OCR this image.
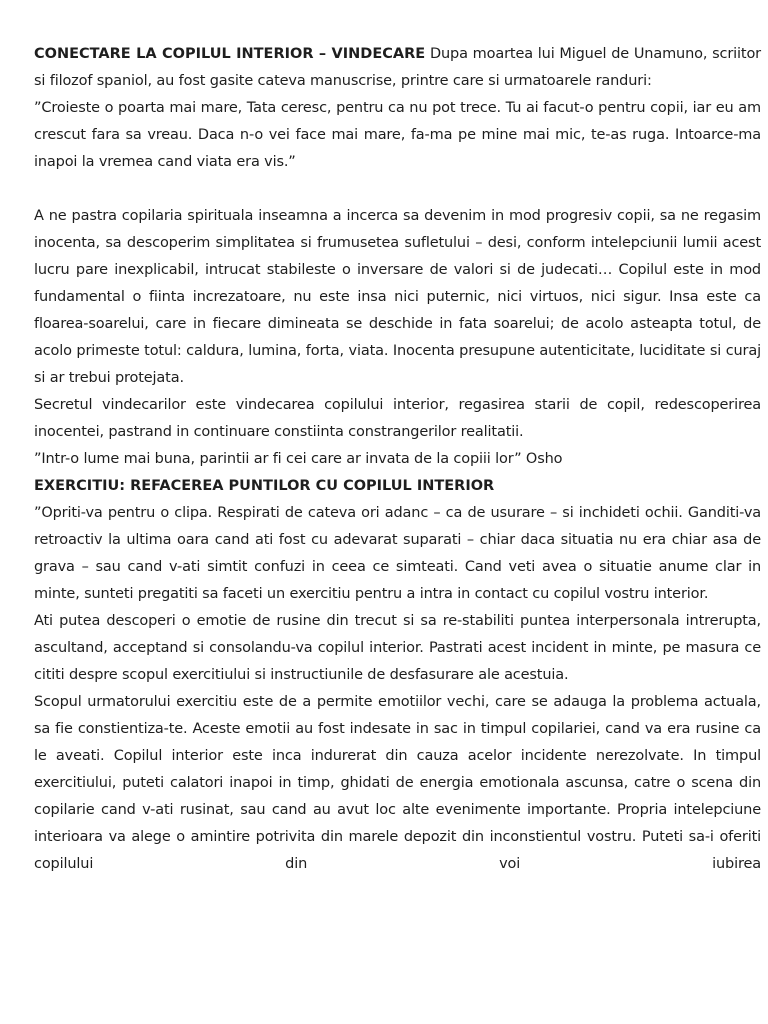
CONECTARE LA COPILUL INTERIOR – VINDECARE Dupa moartea lui Miguel de Unamuno, scriitor si filozof spaniol, au fost gasite cateva manuscrise, printre care si urmatoarele randuri:

”Croieste o poarta mai mare, Tata ceresc, pentru ca nu pot trece. Tu ai facut-o pentru copii, iar eu am crescut fara sa vreau. Daca n-o vei face mai mare, fa-ma pe mine mai mic, te-as ruga. Intoarce-ma inapoi la vremea cand viata era vis.”

A ne pastra copilaria spirituala inseamna a incerca sa devenim in mod progresiv copii, sa ne regasim inocenta, sa descoperim simplitatea si frumusetea sufletului – desi, conform intelepciunii lumii acest lucru pare inexplicabil, intrucat stabileste o inversare de valori si de judecati… Copilul este in mod fundamental o fiinta increzatoare, nu este insa nici puternic, nici virtuos, nici sigur. Insa este ca floarea-soarelui, care in fiecare dimineata se deschide in fata soarelui; de acolo asteapta totul, de acolo primeste totul: caldura, lumina, forta, viata. Inocenta presupune autenticitate, luciditate si curaj si ar trebui protejata.

Secretul vindecarilor este vindecarea copilului interior, regasirea starii de copil, redescoperirea inocentei, pastrand in continuare constiinta constrangerilor realitatii.

”Intr-o lume mai buna, parintii ar fi cei care ar invata de la copiii lor” Osho

EXERCITIU: REFACEREA PUNTILOR CU COPILUL INTERIOR

”Opriti-va pentru o clipa. Respirati de cateva ori adanc – ca de usurare – si inchideti ochii. Ganditi-va retroactiv la ultima oara cand ati fost cu adevarat suparati – chiar daca situatia nu era chiar asa de grava – sau cand v-ati simtit confuzi in ceea ce simteati. Cand veti avea o situatie anume clar in minte, sunteti pregatiti sa faceti un exercitiu pentru a intra in contact cu copilul vostru interior.

Ati putea descoperi o emotie de rusine din trecut si sa re-stabiliti puntea interpersonala intrerupta, ascultand, acceptand si consolandu-va copilul interior. Pastrati acest incident in minte, pe masura ce cititi despre scopul exercitiului si instructiunile de desfasurare ale acestuia.

Scopul urmatorului exercitiu este de a permite emotiilor vechi, care se adauga la problema actuala, sa fie constientiza-te. Aceste emotii au fost indesate in sac in timpul copilariei, cand va era rusine ca le aveati. Copilul interior este inca indurerat din cauza acelor incidente nerezolvate. In timpul exercitiului, puteti calatori inapoi in timp, ghidati de energia emotionala ascunsa, catre o scena din copilarie cand v-ati rusinat, sau cand au avut loc alte evenimente importante. Propria intelepciune interioara va alege o amintire potrivita din marele depozit din inconstientul vostru. Puteti sa-i oferiti copilului din voi iubirea
